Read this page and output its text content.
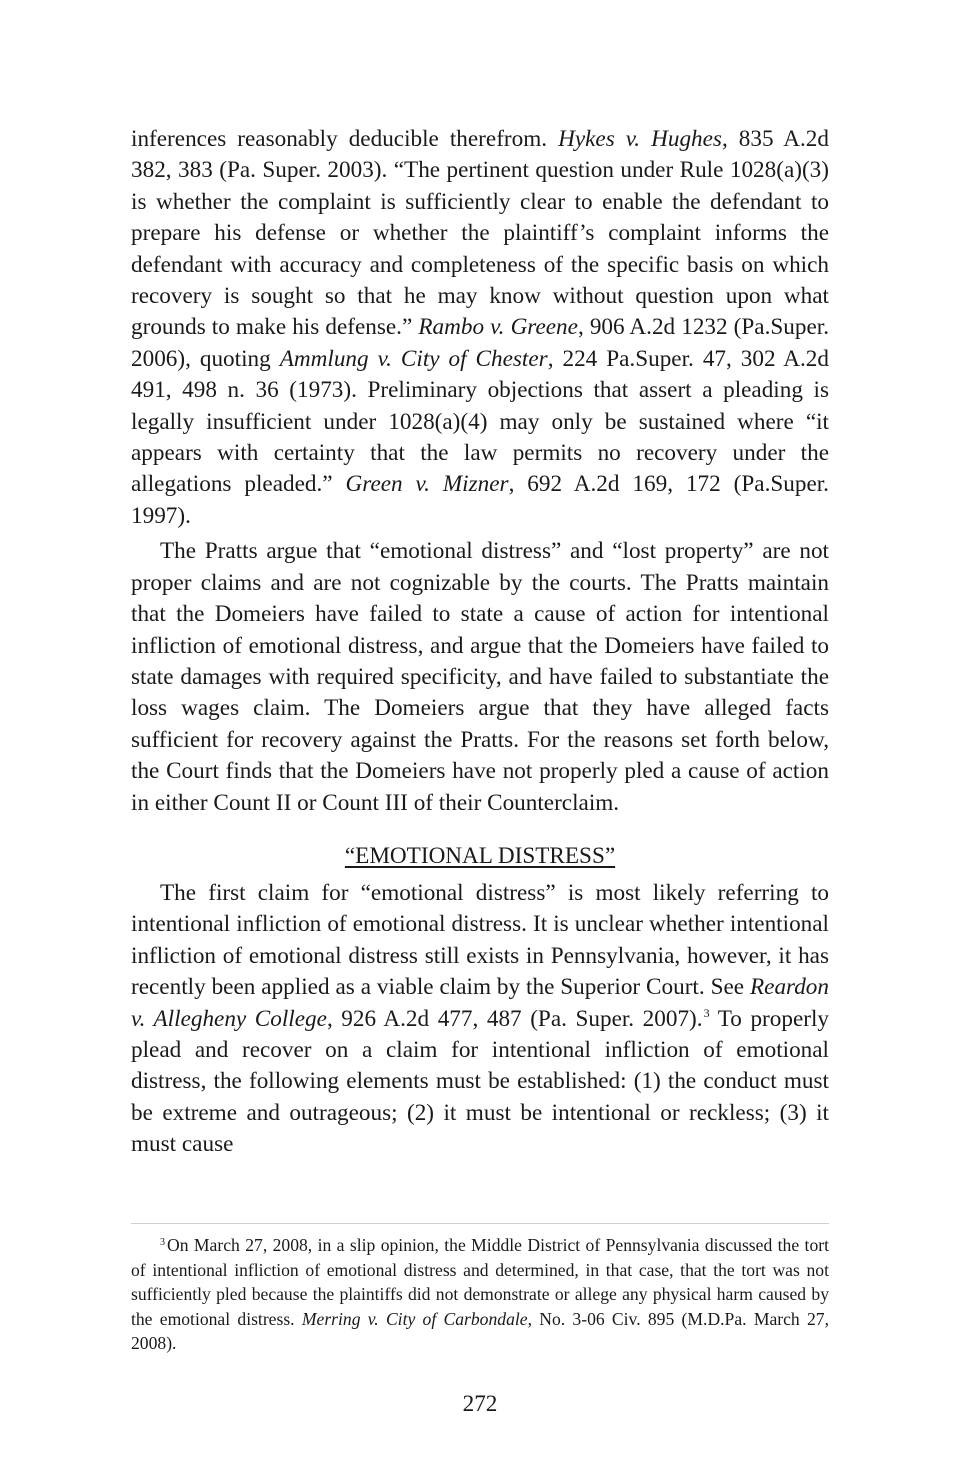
inferences reasonably deducible therefrom. Hykes v. Hughes, 835 A.2d 382, 383 (Pa. Super. 2003). “The pertinent question under Rule 1028(a)(3) is whether the complaint is sufficiently clear to enable the defendant to prepare his defense or whether the plaintiff’s complaint informs the defendant with accuracy and completeness of the specific basis on which recovery is sought so that he may know without question upon what grounds to make his defense.” Rambo v. Greene, 906 A.2d 1232 (Pa.Super. 2006), quoting Ammlung v. City of Chester, 224 Pa.Super. 47, 302 A.2d 491, 498 n. 36 (1973). Preliminary objections that assert a pleading is legally insufficient under 1028(a)(4) may only be sustained where “it appears with certainty that the law permits no recovery under the allegations pleaded.” Green v. Mizner, 692 A.2d 169, 172 (Pa.Super. 1997).

The Pratts argue that “emotional distress” and “lost property” are not proper claims and are not cognizable by the courts. The Pratts maintain that the Domeiers have failed to state a cause of action for intentional infliction of emotional distress, and argue that the Domeiers have failed to state damages with required specificity, and have failed to substantiate the loss wages claim. The Domeiers argue that they have alleged facts sufficient for recovery against the Pratts. For the reasons set forth below, the Court finds that the Domeiers have not properly pled a cause of action in either Count II or Count III of their Counterclaim.

“EMOTIONAL DISTRESS”

The first claim for “emotional distress” is most likely referring to intentional infliction of emotional distress. It is unclear whether intentional infliction of emotional distress still exists in Pennsylvania, however, it has recently been applied as a viable claim by the Superior Court. See Reardon v. Allegheny College, 926 A.2d 477, 487 (Pa. Super. 2007).$^3$ To properly plead and recover on a claim for intentional infliction of emotional distress, the following elements must be established: (1) the conduct must be extreme and outrageous; (2) it must be intentional or reckless; (3) it must cause

$^3$ On March 27, 2008, in a slip opinion, the Middle District of Pennsylvania discussed the tort of intentional infliction of emotional distress and determined, in that case, that the tort was not sufficiently pled because the plaintiffs did not demonstrate or allege any physical harm caused by the emotional distress. Merring v. City of Carbondale, No. 3-06 Civ. 895 (M.D.Pa. March 27, 2008).

272
